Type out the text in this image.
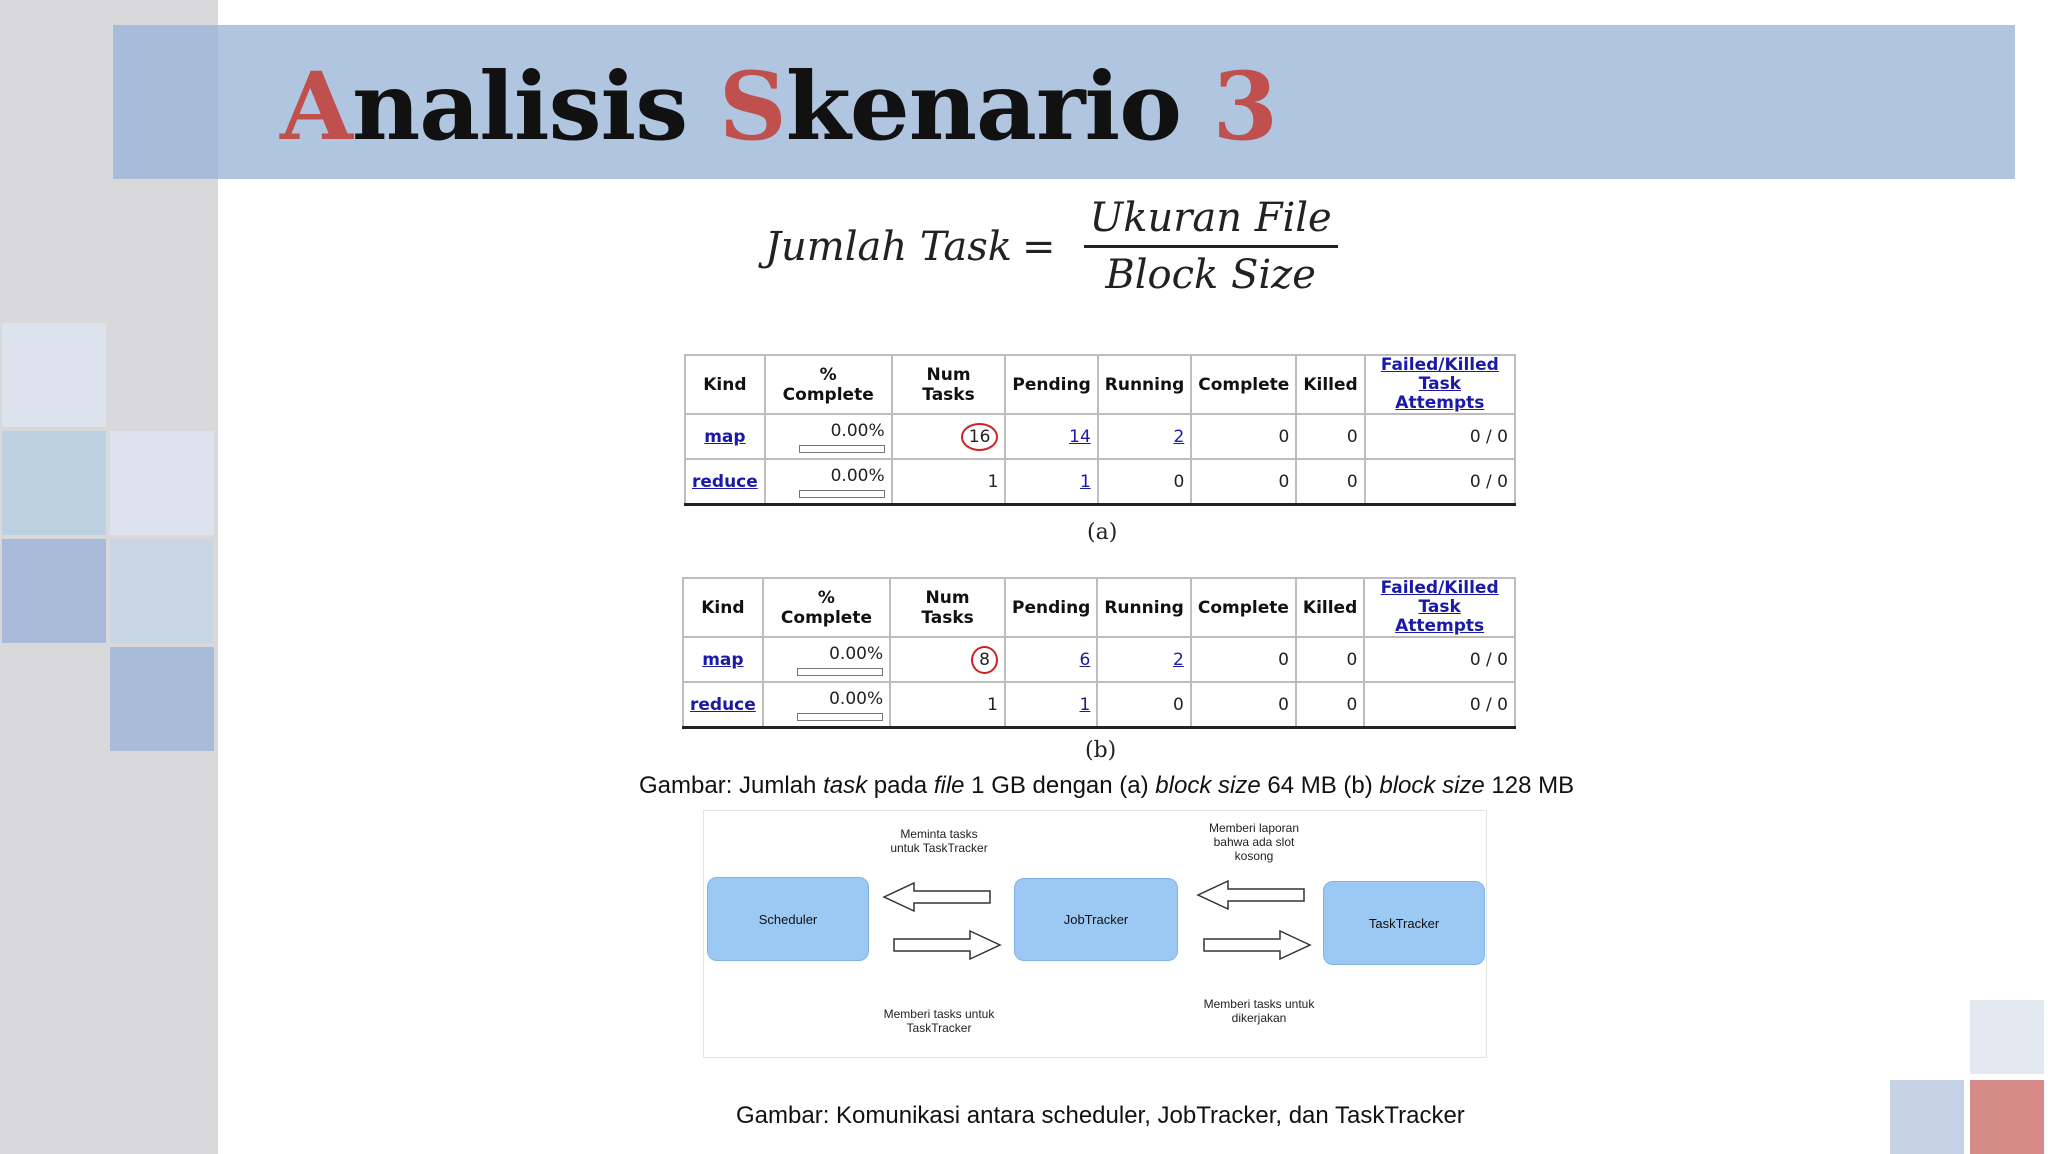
Analisis Skenario 3
Jumlah Task = $\frac{\text{Ukuran File}}{\text{Block Size}}$
Kind	% Complete	Num Tasks	Pending	Running	Complete	Killed	Failed/Killed
Task Attempts
map	0.00%	16	14	2	0	0	0 / 0
reduce	0.00%	1	1	0	0	0	0 / 0
(a)
Kind	% Complete	Num Tasks	Pending	Running	Complete	Killed	Failed/Killed
Task Attempts
map	0.00%	8	6	2	0	0	0 / 0
reduce	0.00%	1	1	0	0	0	0 / 0
(b)
Gambar: Jumlah task pada file 1 GB dengan (a) block size 64 MB (b) block size 128 MB
Scheduler	JobTracker	TaskTracker
Meminta tasks
untuk TaskTracker
Memberi laporan
bahwa ada slot
kosong
Memberi tasks untuk
TaskTracker
Memberi tasks untuk
dikerjakan
Gambar: Komunikasi antara scheduler, JobTracker, dan TaskTracker
